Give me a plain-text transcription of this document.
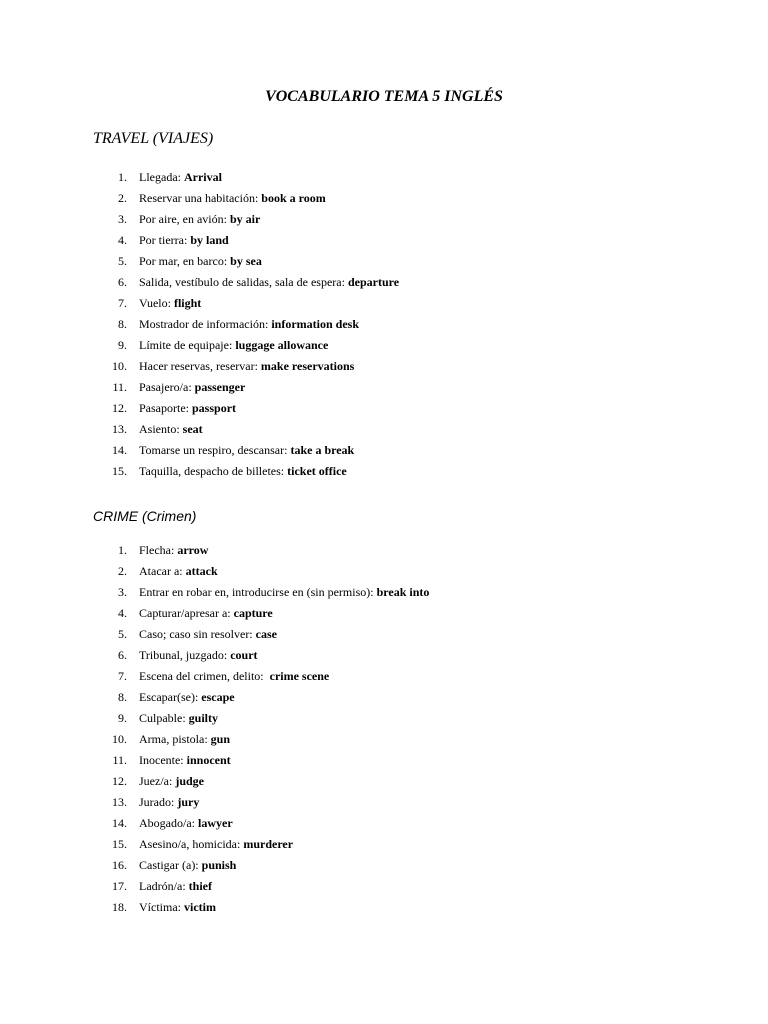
VOCABULARIO TEMA 5 INGLÉS
TRAVEL (VIAJES)
1. Llegada: Arrival
2. Reservar una habitación: book a room
3. Por aire, en avión: by air
4. Por tierra: by land
5. Por mar, en barco: by sea
6. Salida, vestíbulo de salidas, sala de espera: departure
7. Vuelo: flight
8. Mostrador de información: information desk
9. Límite de equipaje: luggage allowance
10. Hacer reservas, reservar: make reservations
11. Pasajero/a: passenger
12. Pasaporte: passport
13. Asiento: seat
14. Tomarse un respiro, descansar: take a break
15. Taquilla, despacho de billetes: ticket office
CRIME (Crimen)
1. Flecha: arrow
2. Atacar a: attack
3. Entrar en robar en, introducirse en (sin permiso): break into
4. Capturar/apresar a: capture
5. Caso; caso sin resolver: case
6. Tribunal, juzgado: court
7. Escena del crimen, delito:  crime scene
8. Escapar(se): escape
9. Culpable: guilty
10. Arma, pistola: gun
11. Inocente: innocent
12. Juez/a: judge
13. Jurado: jury
14. Abogado/a: lawyer
15. Asesino/a, homicida: murderer
16. Castigar (a): punish
17. Ladrón/a: thief
18. Víctima: victim
